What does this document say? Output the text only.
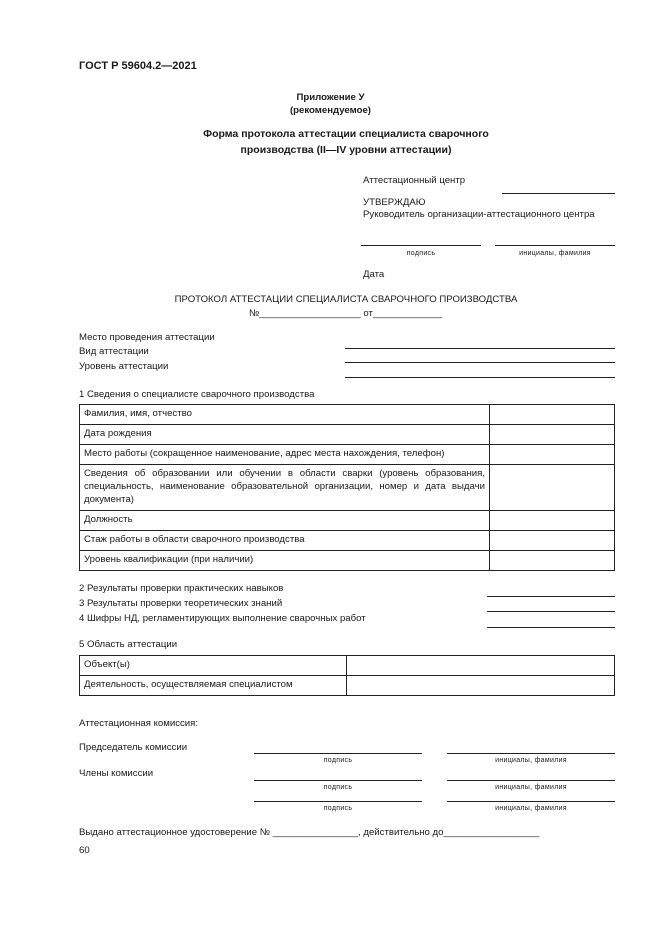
ГОСТ Р 59604.2—2021
Приложение У
(рекомендуемое)
Форма протокола аттестации специалиста сварочного
производства (II—IV уровни аттестации)
Аттестационный центр
УТВЕРЖДАЮ
Руководитель организации-аттестационного центра
подпись	инициалы, фамилия
Дата
ПРОТОКОЛ АТТЕСТАЦИИ СПЕЦИАЛИСТА СВАРОЧНОГО ПРОИЗВОДСТВА
№___________________ от_____________
Место проведения аттестации
Вид аттестации
Уровень аттестации
1 Сведения о специалисте сварочного производства
Фамилия, имя, отчество	
Дата рождения	
Место работы (сокращенное наименование, адрес места нахождения, телефон)	
Сведения об образовании или обучении в области сварки (уровень образования, специальность, наименование образовательной организации, номер и дата выдачи документа)	
Должность	
Стаж работы в области сварочного производства	
Уровень квалификации (при наличии)	
2 Результаты проверки практических навыков
3 Результаты проверки теоретических знаний
4 Шифры НД, регламентирующих выполнение сварочных работ
5 Область аттестации
Объект(ы)	
Деятельность, осуществляемая специалистом	
Аттестационная комиссия:
Председатель комиссии
подпись	инициалы, фамилия
Члены комиссии
подпись	инициалы, фамилия
подпись	инициалы, фамилия
Выдано аттестационное удостоверение № ________________, действительно до__________________
60
